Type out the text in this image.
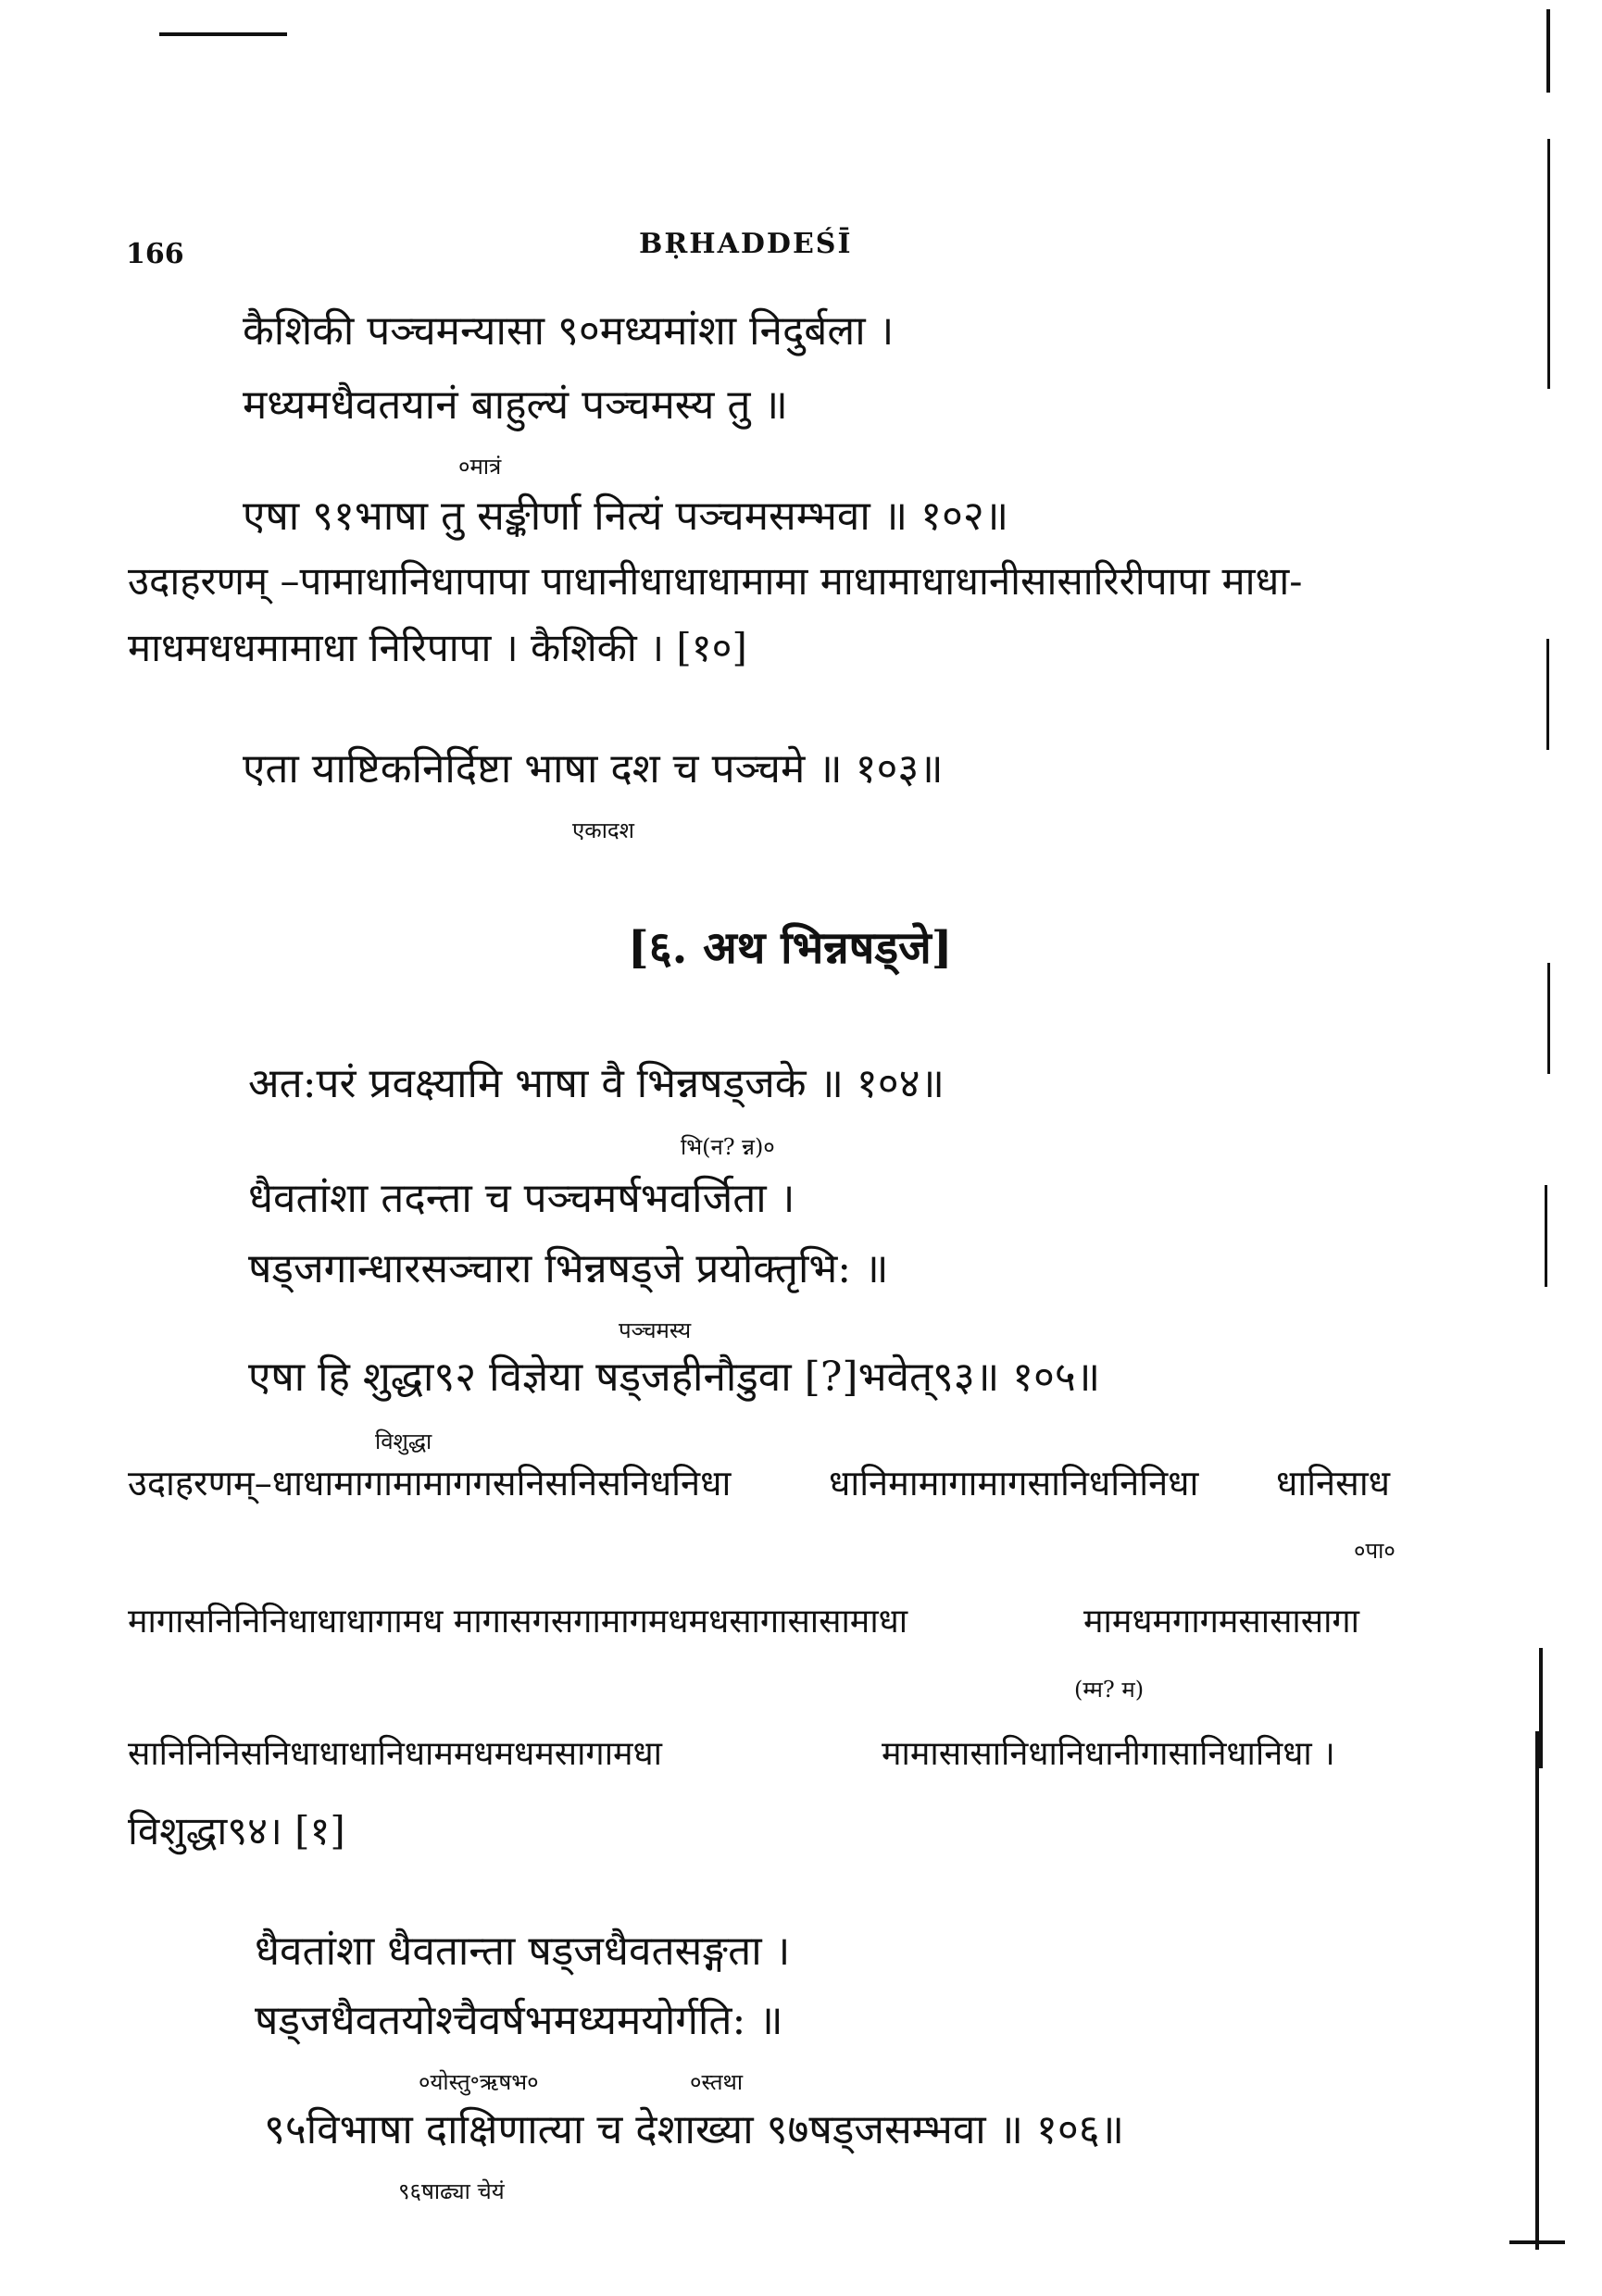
166	BṚHADDEŚĪ
कैशिकी पञ्चमन्यासा ९०मध्यमांशा निदुर्बला ।
मध्यमधैवतयानं बाहुल्यं पञ्चमस्य तु ॥
०मात्रं
एषा ९१भाषा तु सङ्कीर्णा नित्यं पञ्चमसम्भवा ॥ १०२॥
उदाहरणम् –पामाधानिधापापा पाधानीधाधाधामामा माधामाधाधानीसासारिरीपापा माधा-
माधमधधमामाधा निरिपापा । कैशिकी । [१०]
एता याष्टिकनिर्दिष्टा भाषा दश च पञ्चमे ॥ १०३॥
एकादश
[६. अथ भिन्नषड्जे]
अत:परं प्रवक्ष्यामि भाषा वै भिन्नषड्जके ॥ १०४॥
भि(न? न्न)०
धैवतांशा तदन्ता च पञ्चमर्षभवर्जिता ।
षड्जगान्धारसञ्चारा भिन्नषड्जे प्रयोक्तृभि: ॥
पञ्चमस्य
एषा हि शुद्धा९२ विज्ञेया षड्जहीनौडुवा [?]भवेत्९३॥ १०५॥
विशुद्धा
उदाहरणम्–धाधामागामामागगसनिसनिसनिधनिधा	धानिमामागामागसानिधनिनिधा धानिसाध
०पा०
मागासनिनिनिधाधाधागामध मागासगसगामागमधमधसागासासामाधा	मामधमगागमसासासागा
(म्म? म)
सानिनिनिसनिधाधाधानिधाममधमधमसागामधा	मामासासानिधानिधानीगासानिधानिधा ।
विशुद्धा९४। [१]
धैवतांशा धैवतान्ता षड्जधैवतसङ्गता ।
षड्जधैवतयोश्चैवर्षभमध्यमयोर्गति: ॥
०योस्तु॰ऋषभ०	०स्तथा
९५विभाषा दाक्षिणात्या च देशाख्या ९७षड्जसम्भवा ॥ १०६॥
९६षाढ्या चेयं
